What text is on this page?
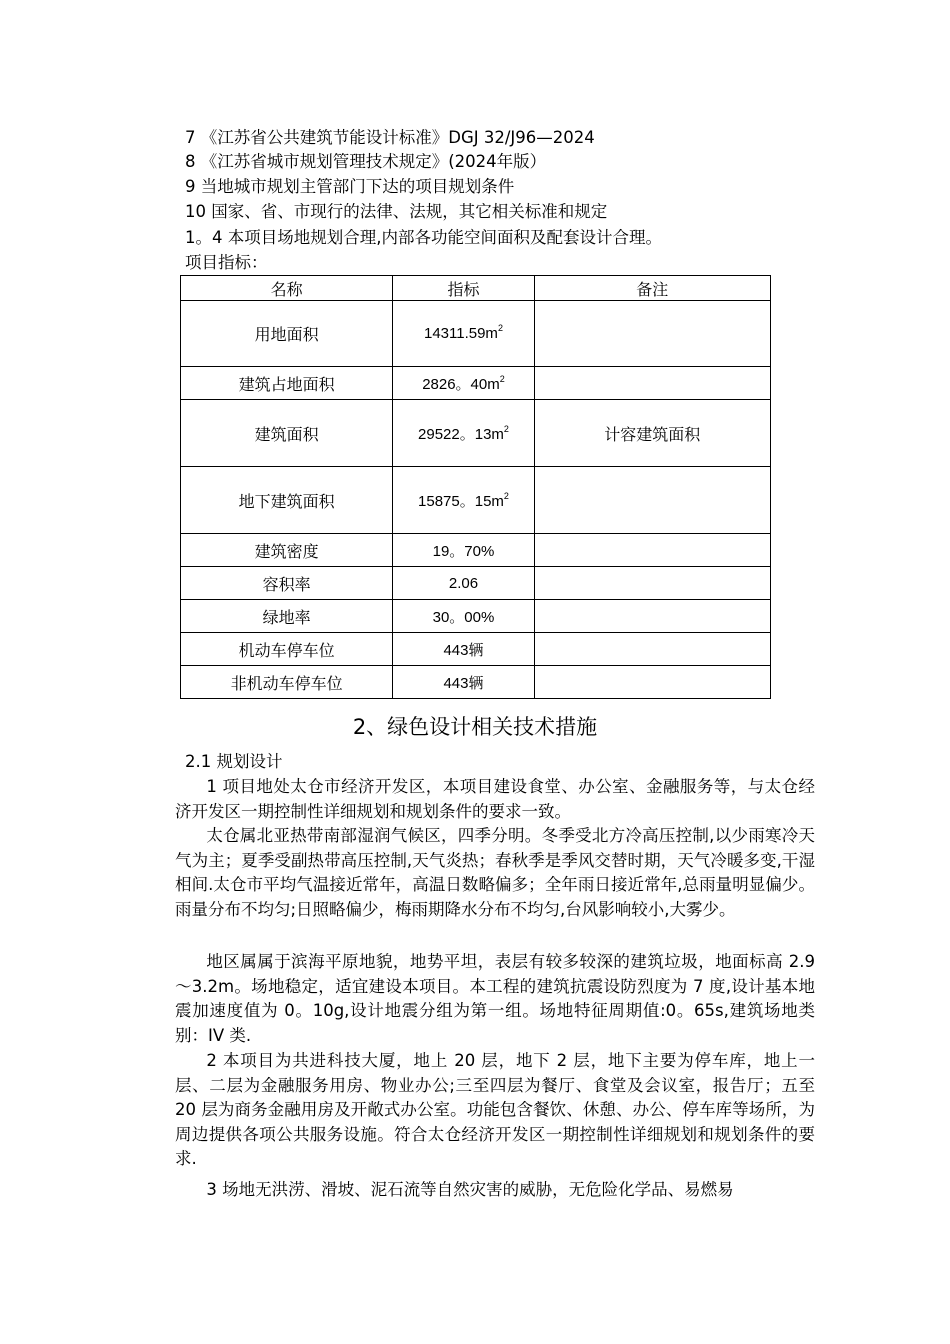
7 《江苏省公共建筑节能设计标准》DGJ 32/J96—2024
8 《江苏省城市规划管理技术规定》(2024年版）
9 当地城市规划主管部门下达的项目规划条件
10 国家、省、市现行的法律、法规，其它相关标准和规定
1。4 本项目场地规划合理,内部各功能空间面积及配套设计合理。
项目指标：
名称	指标	备注
用地面积	$14311.59m^2$	
建筑占地面积	2826。$40m^2$	
建筑面积	29522。$13m^2$	计容建筑面积
地下建筑面积	15875。$15m^2$	
建筑密度	19。70%	
容积率	2.06	
绿地率	30。00%	
机动车停车位	443辆	
非机动车停车位	443辆	
2、绿色设计相关技术措施
2.1 规划设计

1 项目地处太仓市经济开发区，本项目建设食堂、办公室、金融服务等，与太仓经济开发区一期控制性详细规划和规划条件的要求一致。

太仓属北亚热带南部湿润气候区，四季分明。冬季受北方冷高压控制,以少雨寒冷天气为主；夏季受副热带高压控制,天气炎热；春秋季是季风交替时期，天气冷暖多变,干湿相间.太仓市平均气温接近常年，高温日数略偏多；全年雨日接近常年,总雨量明显偏少。雨量分布不均匀;日照略偏少，梅雨期降水分布不均匀,台风影响较小,大雾少。

地区属属于滨海平原地貌，地势平坦，表层有较多较深的建筑垃圾，地面标高 2.9～3.2m。场地稳定，适宜建设本项目。本工程的建筑抗震设防烈度为 7 度,设计基本地震加速度值为 0。10g,设计地震分组为第一组。场地特征周期值:0。65s,建筑场地类别：IV 类.

2 本项目为共进科技大厦，地上 20 层，地下 2 层，地下主要为停车库，地上一层、二层为金融服务用房、物业办公;三至四层为餐厅、食堂及会议室，报告厅；五至 20 层为商务金融用房及开敞式办公室。功能包含餐饮、休憩、办公、停车库等场所，为周边提供各项公共服务设施。符合太仓经济开发区一期控制性详细规划和规划条件的要求.

3 场地无洪涝、滑坡、泥石流等自然灾害的威胁，无危险化学品、易燃易
